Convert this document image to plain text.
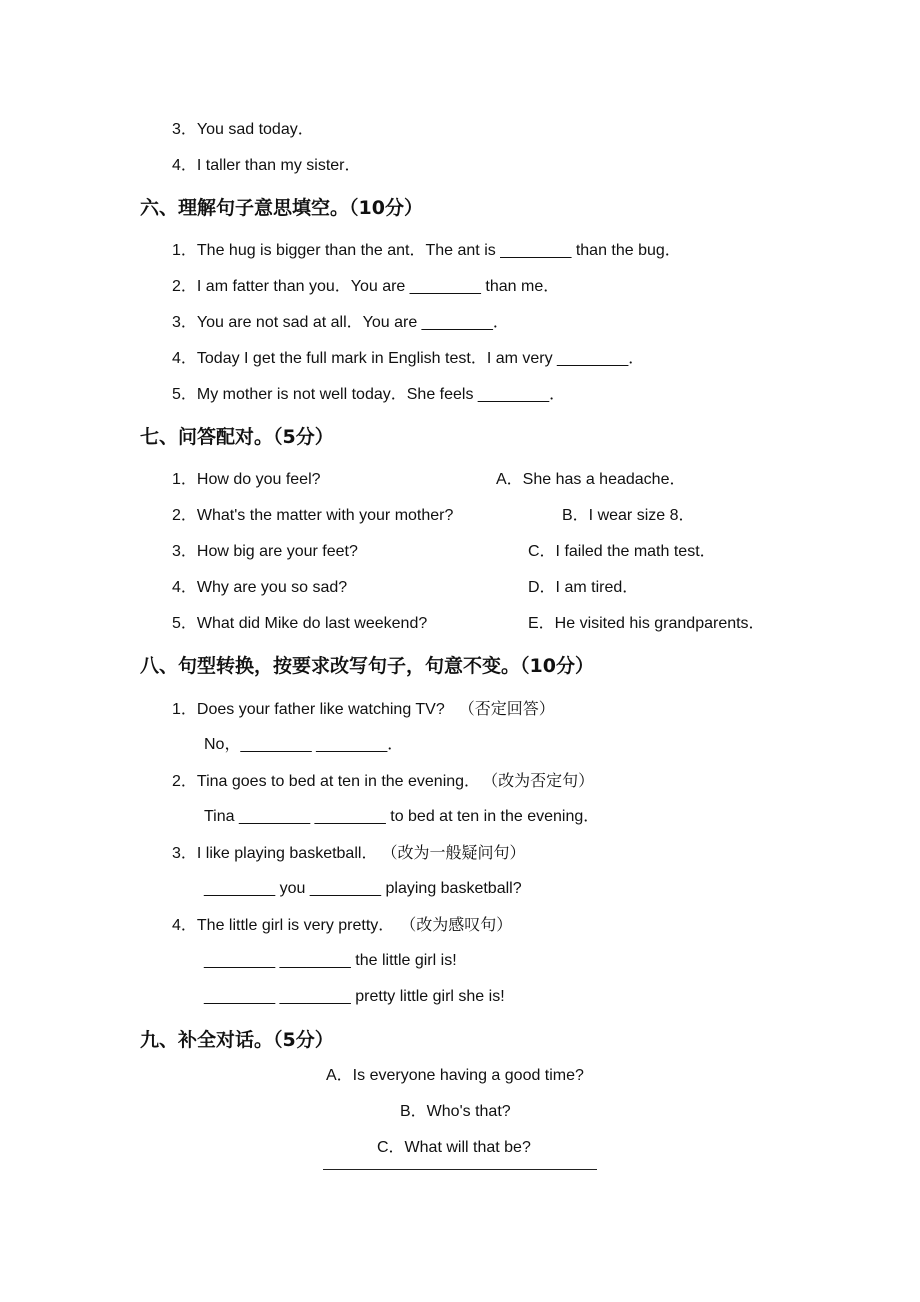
3．You sad today．
4．I taller than my sister．
六、理解句子意思填空。（10分）
1．The hug is bigger than the ant．The ant is ________ than the bug．
2．I am fatter than you．You are ________ than me．
3．You are not sad at all．You are ________．
4．Today I get the full mark in English test．I am very ________．
5．My mother is not well today．She feels ________．
七、问答配对。（5分）
1．How do you feel?
2．What's the matter with your mother?
3．How big are your feet?
4．Why are you so sad?
5．What did Mike do last weekend?
A．She has a headache．
B．I wear size 8．
C．I failed the math test．
D．I am tired．
E．He visited his grandparents．
八、句型转换，按要求改写句子，句意不变。（10分）
1．Does your father like watching TV? （否定回答）
No，________ ________．
2．Tina goes to bed at ten in the evening． （改为否定句）
Tina ________ ________ to bed at ten in the evening．
3．I like playing basketball． （改为一般疑问句）
________ you ________ playing basketball?
4．The little girl is very pretty． （改为感叹句）
________ ________ the little girl is!
________ ________ pretty little girl she is!
九、补全对话。（5分）
A．Is everyone having a good time?
B．Who's that?
C．What will that be?
